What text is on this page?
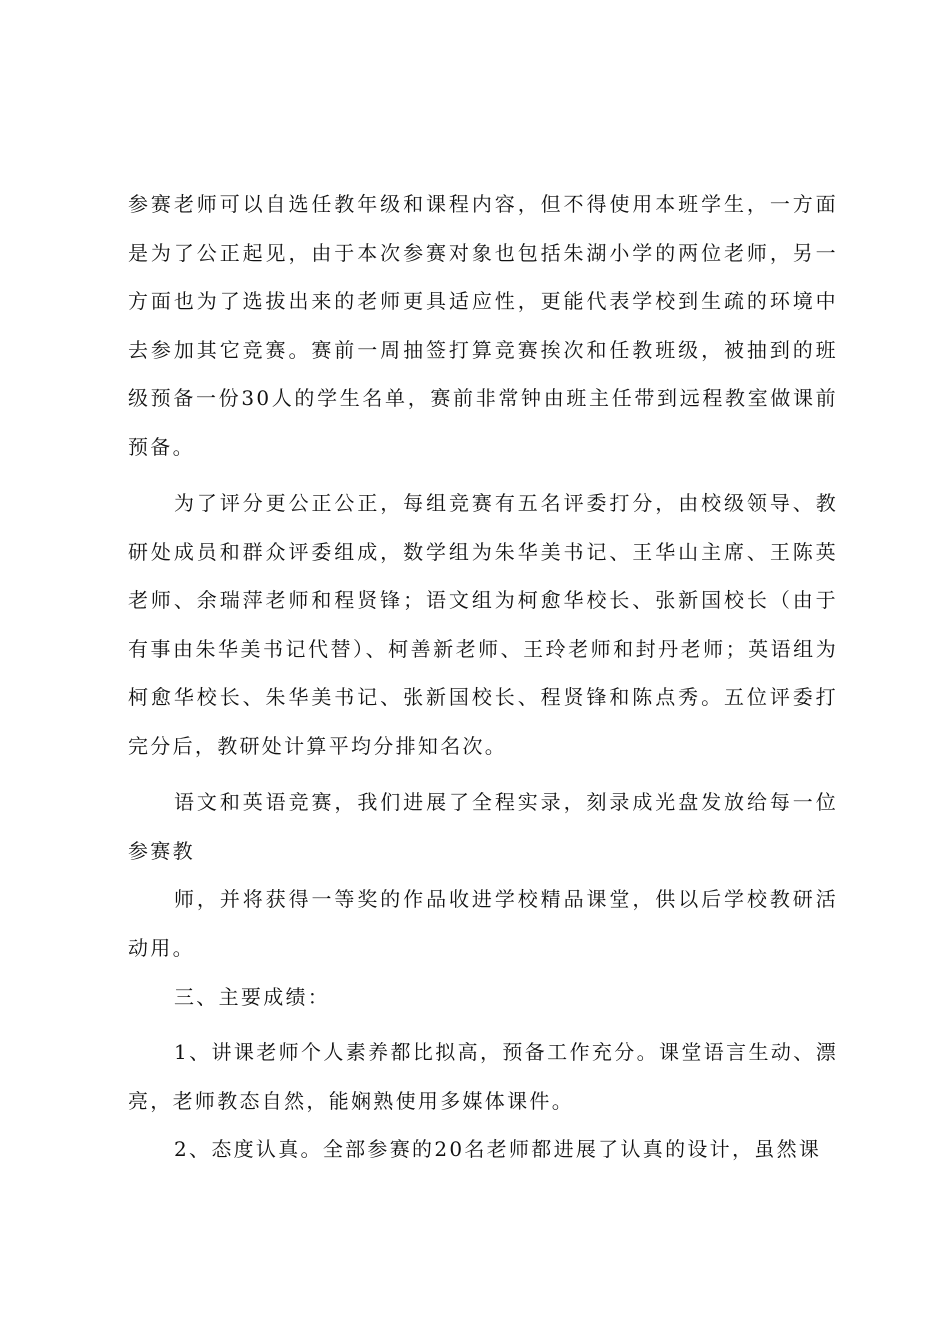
参赛老师可以自选任教年级和课程内容，但不得使用本班学生，一方面是为了公正起见，由于本次参赛对象也包括朱湖小学的两位老师，另一方面也为了选拔出来的老师更具适应性，更能代表学校到生疏的环境中去参加其它竞赛。赛前一周抽签打算竞赛挨次和任教班级，被抽到的班级预备一份30人的学生名单，赛前非常钟由班主任带到远程教室做课前预备。

为了评分更公正公正，每组竞赛有五名评委打分，由校级领导、教研处成员和群众评委组成，数学组为朱华美书记、王华山主席、王陈英老师、余瑞萍老师和程贤锋；语文组为柯愈华校长、张新国校长（由于有事由朱华美书记代替）、柯善新老师、王玲老师和封丹老师；英语组为柯愈华校长、朱华美书记、张新国校长、程贤锋和陈点秀。五位评委打完分后，教研处计算平均分排知名次。

语文和英语竞赛，我们进展了全程实录，刻录成光盘发放给每一位参赛教

师，并将获得一等奖的作品收进学校精品课堂，供以后学校教研活动用。

三、主要成绩：

1、讲课老师个人素养都比拟高，预备工作充分。课堂语言生动、漂亮，老师教态自然，能娴熟使用多媒体课件。

2、态度认真。全部参赛的20名老师都进展了认真的设计，虽然课
